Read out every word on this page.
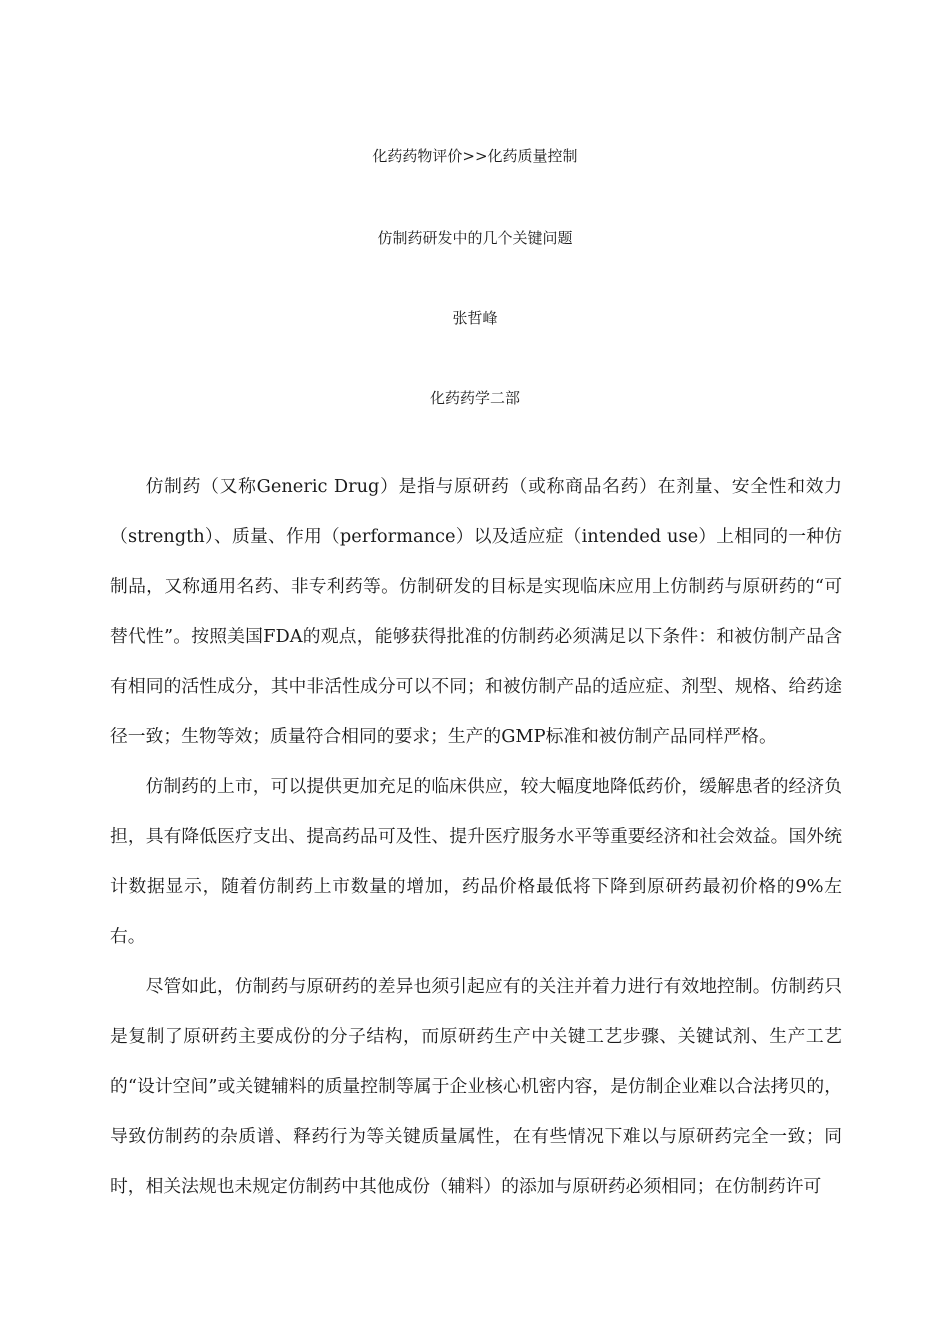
化药药物评价>>化药质量控制
仿制药研发中的几个关键问题
张哲峰
化药药学二部

仿制药（又称Generic Drug）是指与原研药（或称商品名药）在剂量、安全性和效力（strength）、质量、作用（performance）以及适应症（intended use）上相同的一种仿制品，又称通用名药、非专利药等。仿制研发的目标是实现临床应用上仿制药与原研药的“可替代性”。按照美国FDA的观点，能够获得批准的仿制药必须满足以下条件：和被仿制产品含有相同的活性成分，其中非活性成分可以不同；和被仿制产品的适应症、剂型、规格、给药途径一致；生物等效；质量符合相同的要求；生产的GMP标准和被仿制产品同样严格。

仿制药的上市，可以提供更加充足的临床供应，较大幅度地降低药价，缓解患者的经济负担，具有降低医疗支出、提高药品可及性、提升医疗服务水平等重要经济和社会效益。国外统计数据显示，随着仿制药上市数量的增加，药品价格最低将下降到原研药最初价格的9%左右。

尽管如此，仿制药与原研药的差异也须引起应有的关注并着力进行有效地控制。仿制药只是复制了原研药主要成份的分子结构，而原研药生产中关键工艺步骤、关键试剂、生产工艺的“设计空间”或关键辅料的质量控制等属于企业核心机密内容，是仿制企业难以合法拷贝的，导致仿制药的杂质谱、释药行为等关键质量属性，在有些情况下难以与原研药完全一致；同时，相关法规也未规定仿制药中其他成份（辅料）的添加与原研药必须相同；在仿制药许可
